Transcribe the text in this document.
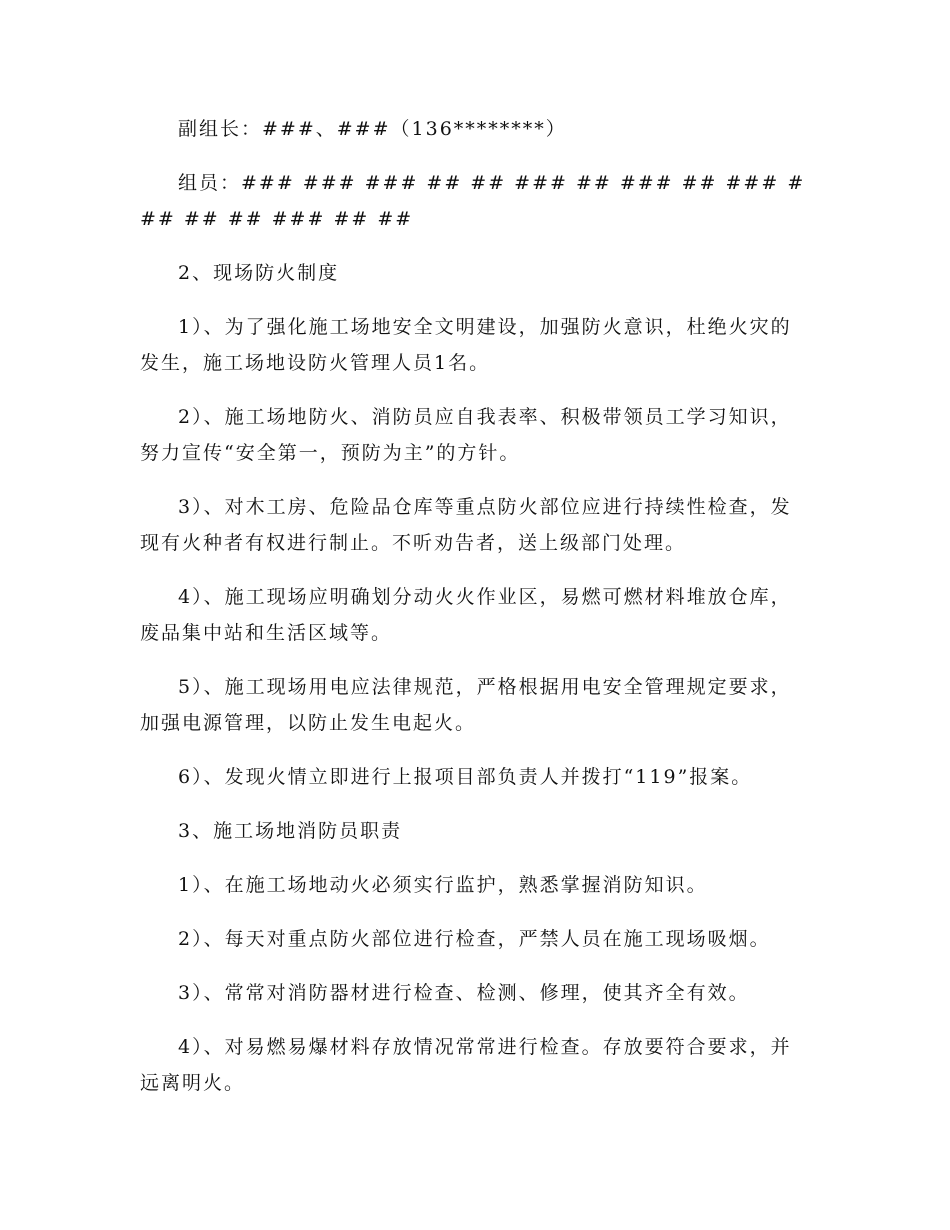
副组长：###、###（136********）

组员：### ### ### ## ## ### ## ### ## ### ### ## ## ### ## ##

2、现场防火制度

1）、为了强化施工场地安全文明建设，加强防火意识，杜绝火灾的发生，施工场地设防火管理人员1名。

2）、施工场地防火、消防员应自我表率、积极带领员工学习知识，努力宣传“安全第一，预防为主”的方针。

3）、对木工房、危险品仓库等重点防火部位应进行持续性检查，发现有火种者有权进行制止。不听劝告者，送上级部门处理。

4）、施工现场应明确划分动火火作业区，易燃可燃材料堆放仓库，废品集中站和生活区域等。

5）、施工现场用电应法律规范，严格根据用电安全管理规定要求，加强电源管理，以防止发生电起火。

6）、发现火情立即进行上报项目部负责人并拨打“119”报案。

3、施工场地消防员职责

1）、在施工场地动火必须实行监护，熟悉掌握消防知识。

2）、每天对重点防火部位进行检查，严禁人员在施工现场吸烟。

3）、常常对消防器材进行检查、检测、修理，使其齐全有效。

4）、对易燃易爆材料存放情况常常进行检查。存放要符合要求，并远离明火。
